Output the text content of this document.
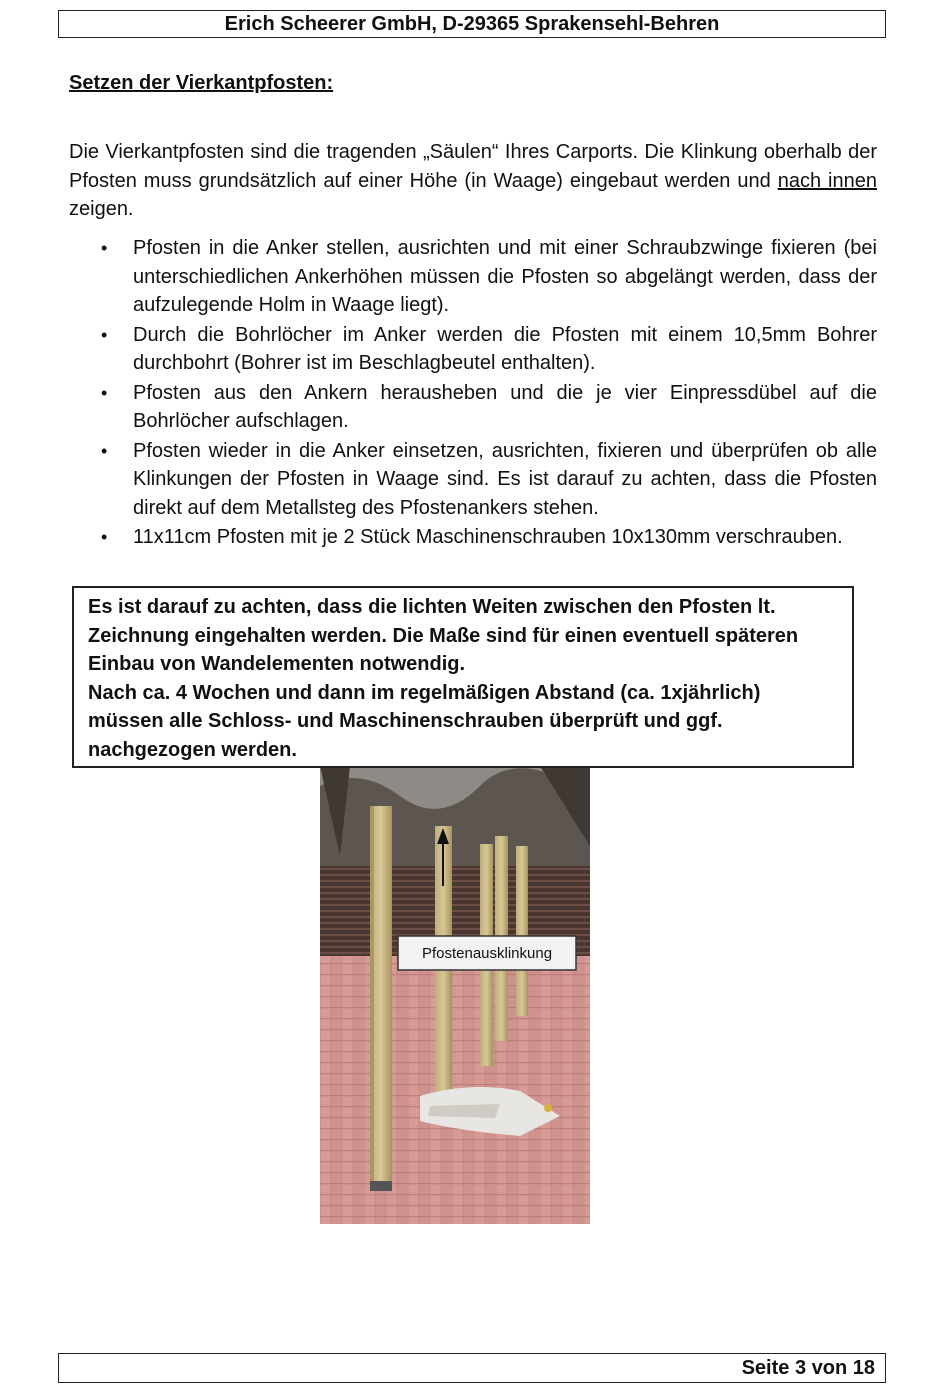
Erich Scheerer GmbH, D-29365 Sprakensehl-Behren
Setzen der Vierkantpfosten:

Die Vierkantpfosten sind die tragenden „Säulen“ Ihres Carports. Die Klinkung oberhalb der Pfosten muss grundsätzlich auf einer Höhe (in Waage) eingebaut werden und nach innen zeigen.

• Pfosten in die Anker stellen, ausrichten und mit einer Schraubzwinge fixieren (bei unterschiedlichen Ankerhöhen müssen die Pfosten so abgelängt werden, dass der aufzulegende Holm in Waage liegt).
• Durch die Bohrlöcher im Anker werden die Pfosten mit einem 10,5mm Bohrer durchbohrt (Bohrer ist im Beschlagbeutel enthalten).
• Pfosten aus den Ankern herausheben und die je vier Einpressdübel auf die Bohrlöcher aufschlagen.
• Pfosten wieder in die Anker einsetzen, ausrichten, fixieren und überprüfen ob alle Klinkungen der Pfosten in Waage sind. Es ist darauf zu achten, dass die Pfosten direkt auf dem Metallsteg des Pfostenankers stehen.
• 11x11cm Pfosten mit je 2 Stück Maschinenschrauben 10x130mm verschrauben.

Es ist darauf zu achten, dass die lichten Weiten zwischen den Pfosten lt. Zeichnung eingehalten werden. Die Maße sind für einen eventuell späteren Einbau von Wandelementen notwendig.

Nach ca. 4 Wochen und dann im regelmäßigen Abstand (ca. 1xjährlich) müssen alle Schloss- und Maschinenschrauben überprüft und ggf. nachgezogen werden.

Pfostenausklinkung
Seite 3 von 18
